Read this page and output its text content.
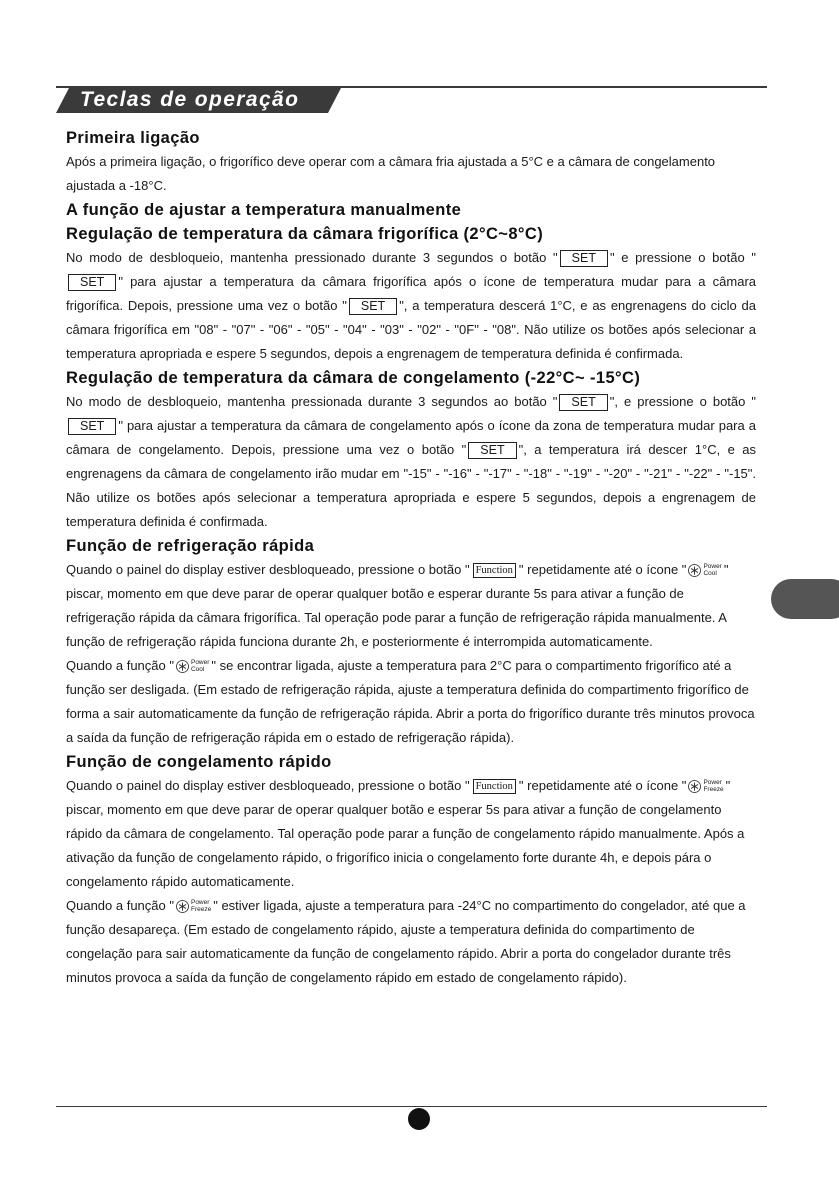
Teclas de operação
Primeira ligação

Após a primeira ligação, o frigorífico deve operar com a câmara fria ajustada a 5°C e a câmara de congelamento ajustada a -18°C.

A função de ajustar a temperatura manualmente
Regulação de temperatura da câmara frigorífica (2°C~8°C)

No modo de desbloqueio, mantenha pressionado durante 3 segundos o botão " SET " e pressione o botão "SET " para ajustar a temperatura da câmara frigorífica após o ícone de temperatura mudar para a câmara frigorífica. Depois, pressione uma vez o botão " SET ", a temperatura descerá 1°C, e as engrenagens do ciclo da câmara frigorífica em "08" - "07" - "06" - "05" - "04" - "03" - "02" - "0F" - "08". Não utilize os botões após selecionar a temperatura apropriada e espere 5 segundos, depois a engrenagem de temperatura definida é confirmada.

Regulação de temperatura da câmara de congelamento (-22°C~ -15°C)

No modo de desbloqueio, mantenha pressionada durante 3 segundos ao botão " SET ", e pressione o botão "SET " para ajustar a temperatura da câmara de congelamento após o ícone da zona de temperatura mudar para a câmara de congelamento. Depois, pressione uma vez o botão " SET ", a temperatura irá descer 1°C, e as engrenagens da câmara de congelamento irão mudar em "-15" - "-16" - "-17" - "-18" - "-19" - "-20" - "-21" - "-22" - "-15". Não utilize os botões após selecionar a temperatura apropriada e espere 5 segundos, depois a engrenagem de temperatura definida é confirmada.

Função de refrigeração rápida

Quando o painel do display estiver desbloqueado, pressione o botão " Function " repetidamente até o ícone "	Power
Cool " piscar, momento em que deve parar de operar qualquer botão e esperar durante 5s para ativar a função de refrigeração rápida da câmara frigorífica. Tal operação pode parar a função de refrigeração rápida manualmente. A função de refrigeração rápida funciona durante 2h, e posteriormente é interrompida automaticamente.

Quando a função "	Power
Cool " se encontrar ligada, ajuste a temperatura para 2°C para o compartimento frigorífico até a função ser desligada. (Em estado de refrigeração rápida, ajuste a temperatura definida do compartimento frigorífico de forma a sair automaticamente da função de refrigeração rápida. Abrir a porta do frigorífico durante três minutos provoca a saída da função de refrigeração rápida em o estado de refrigeração rápida).

Função de congelamento rápido

Quando o painel do display estiver desbloqueado, pressione o botão " Function " repetidamente até o ícone "	Power
Freeze " piscar, momento em que deve parar de operar qualquer botão e esperar 5s para ativar a função de congelamento rápido da câmara de congelamento. Tal operação pode parar a função de congelamento rápido manualmente. Após a ativação da função de congelamento rápido, o frigorífico inicia o congelamento forte durante 4h, e depois pára o congelamento rápido automaticamente.

Quando a função "	Power
Freeze " estiver ligada, ajuste a temperatura para -24°C no compartimento do congelador, até que a função desapareça. (Em estado de congelamento rápido, ajuste a temperatura definida do compartimento de congelação para sair automaticamente da função de congelamento rápido. Abrir a porta do congelador durante três minutos provoca a saída da função de congelamento rápido em estado de congelamento rápido).
